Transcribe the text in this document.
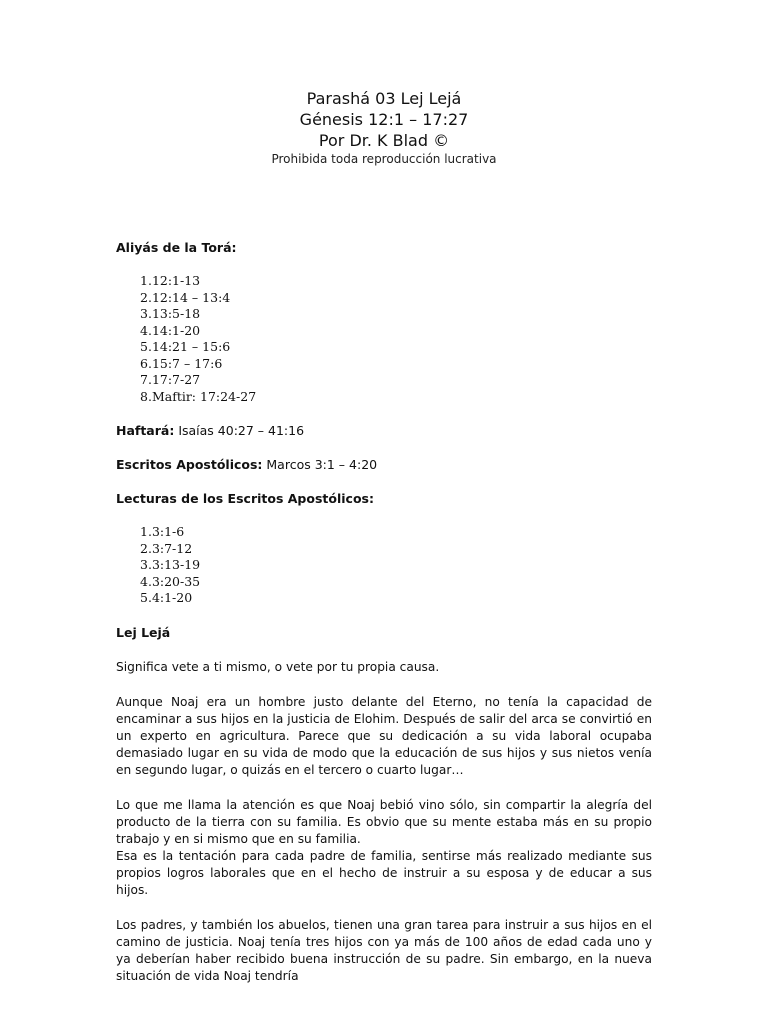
Parashá 03 Lej Lejá
Génesis 12:1 – 17:27
Por Dr. K Blad ©
Prohibida toda reproducción lucrativa
Aliyás de la Torá:
1.12:1-13
2.12:14 – 13:4
3.13:5-18
4.14:1-20
5.14:21 – 15:6
6.15:7 – 17:6
7.17:7-27
8.Maftir: 17:24-27
Haftará: Isaías 40:27 – 41:16
Escritos Apostólicos: Marcos 3:1 – 4:20
Lecturas de los Escritos Apostólicos:
1.3:1-6
2.3:7-12
3.3:13-19
4.3:20-35
5.4:1-20
Lej Lejá

Significa vete a ti mismo, o vete por tu propia causa.

Aunque Noaj era un hombre justo delante del Eterno, no tenía la capacidad de encaminar a sus hijos en la justicia de Elohim. Después de salir del arca se convirtió en un experto en agricultura. Parece que su dedicación a su vida laboral ocupaba demasiado lugar en su vida de modo que la educación de sus hijos y sus nietos venía en segundo lugar, o quizás en el tercero o cuarto lugar…

Lo que me llama la atención es que Noaj bebió vino sólo, sin compartir la alegría del producto de la tierra con su familia. Es obvio que su mente estaba más en su propio trabajo y en si mismo que en su familia.

Esa es la tentación para cada padre de familia, sentirse más realizado mediante sus propios logros laborales que en el hecho de instruir a su esposa y de educar a sus hijos.

Los padres, y también los abuelos, tienen una gran tarea para instruir a sus hijos en el camino de justicia. Noaj tenía tres hijos con ya más de 100 años de edad cada uno y ya deberían haber recibido buena instrucción de su padre. Sin embargo, en la nueva situación de vida Noaj tendría
